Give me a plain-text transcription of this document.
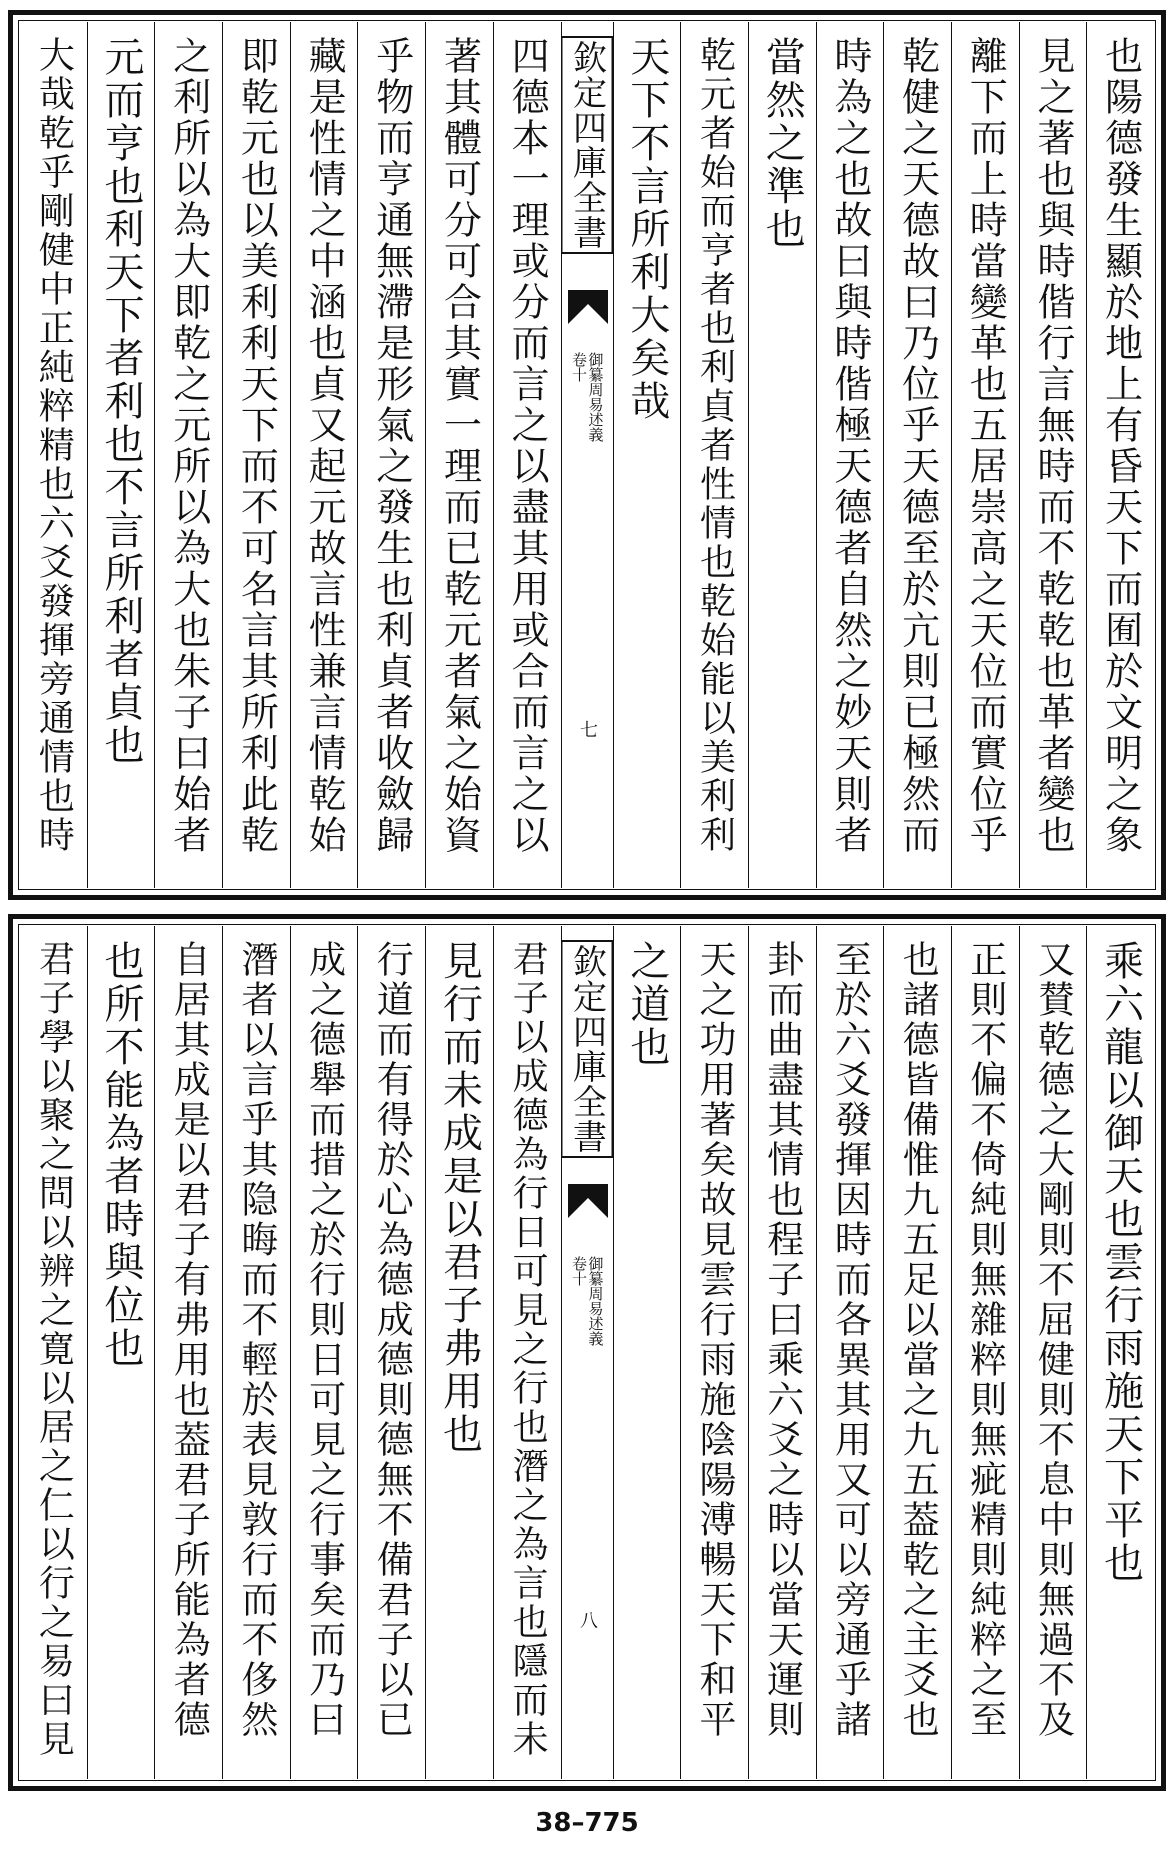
也陽德發生顯於地上有昏天下而囿於文明之象
見之著也與時偕行言無時而不乾乾也革者變也
離下而上時當變革也五居崇高之天位而實位乎
乾健之天德故曰乃位乎天德至於亢則已極然而
時為之也故曰與時偕極天德者自然之妙天則者
當然之準也
乾元者始而亨者也利貞者性情也乾始能以美利利
天下不言所利大矣哉
欽定四庫全書
御纂周易述義
卷十
七
四德本一理或分而言之以盡其用或合而言之以
著其體可分可合其實一理而已乾元者氣之始資
乎物而亨通無滯是形氣之發生也利貞者收斂歸
藏是性情之中涵也貞又起元故言性兼言情乾始
即乾元也以美利利天下而不可名言其所利此乾
之利所以為大即乾之元所以為大也朱子曰始者
元而亨也利天下者利也不言所利者貞也
大哉乾乎剛健中正純粹精也六爻發揮旁通情也時
乘六龍以御天也雲行雨施天下平也
又賛乾德之大剛則不屈健則不息中則無過不及
正則不偏不倚純則無雜粹則無疵精則純粹之至
也諸德皆備惟九五足以當之九五葢乾之主爻也
至於六爻發揮因時而各異其用又可以旁通乎諸
卦而曲盡其情也程子曰乘六爻之時以當天運則
天之功用著矣故見雲行雨施陰陽溥暢天下和平
之道也
欽定四庫全書
御纂周易述義
卷十
八
君子以成德為行日可見之行也潛之為言也隱而未
見行而未成是以君子弗用也
行道而有得於心為德成德則德無不備君子以已
成之德舉而措之於行則日可見之行事矣而乃曰
潛者以言乎其隐晦而不輕於表見敦行而不侈然
自居其成是以君子有弗用也葢君子所能為者德
也所不能為者時與位也
君子學以聚之問以辨之寛以居之仁以行之易曰見
38–775
